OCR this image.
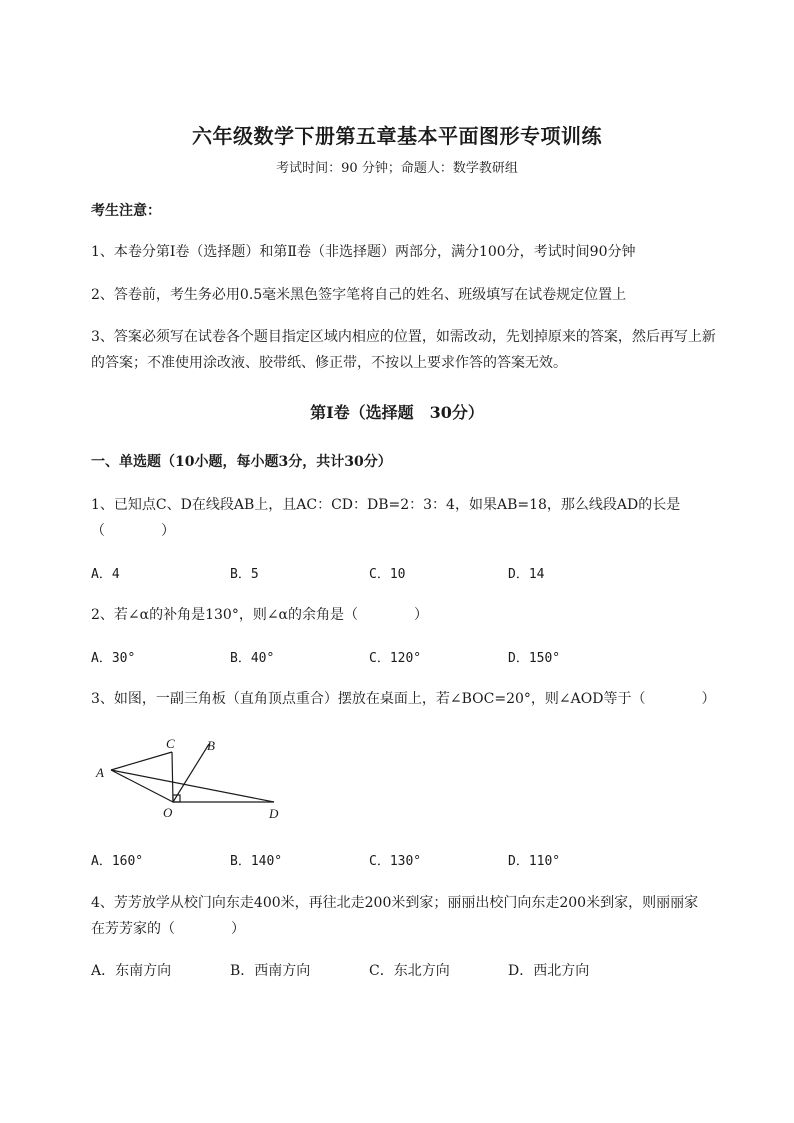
六年级数学下册第五章基本平面图形专项训练
考试时间：90 分钟；命题人：数学教研组
考生注意：
1、本卷分第Ⅰ卷（选择题）和第Ⅱ卷（非选择题）两部分，满分100分，考试时间90分钟
2、答卷前，考生务必用0.5毫米黑色签字笔将自己的姓名、班级填写在试卷规定位置上
3、答案必须写在试卷各个题目指定区域内相应的位置，如需改动，先划掉原来的答案，然后再写上新
的答案；不准使用涂改液、胶带纸、修正带，不按以上要求作答的答案无效。
第Ⅰ卷（选择题　30分）
一、单选题（10小题，每小题3分，共计30分）
1、已知点C、D在线段AB上，且AC：CD：DB=2：3：4，如果AB=18，那么线段AD的长是
（　　　　）
A．4	B．5	C．10	D．14
2、若∠α的补角是130°，则∠α的余角是（　　　　）
A．30°	B．40°	C．120°	D．150°
3、如图，一副三角板（直角顶点重合）摆放在桌面上，若∠BOC=20°，则∠AOD等于（　　　　）
A
B
C
D
O
A．160°	B．140°	C．130°	D．110°
4、芳芳放学从校门向东走400米，再往北走200米到家；丽丽出校门向东走200米到家，则丽丽家
在芳芳家的（　　　　）
A．东南方向	B．西南方向	C．东北方向	D．西北方向
